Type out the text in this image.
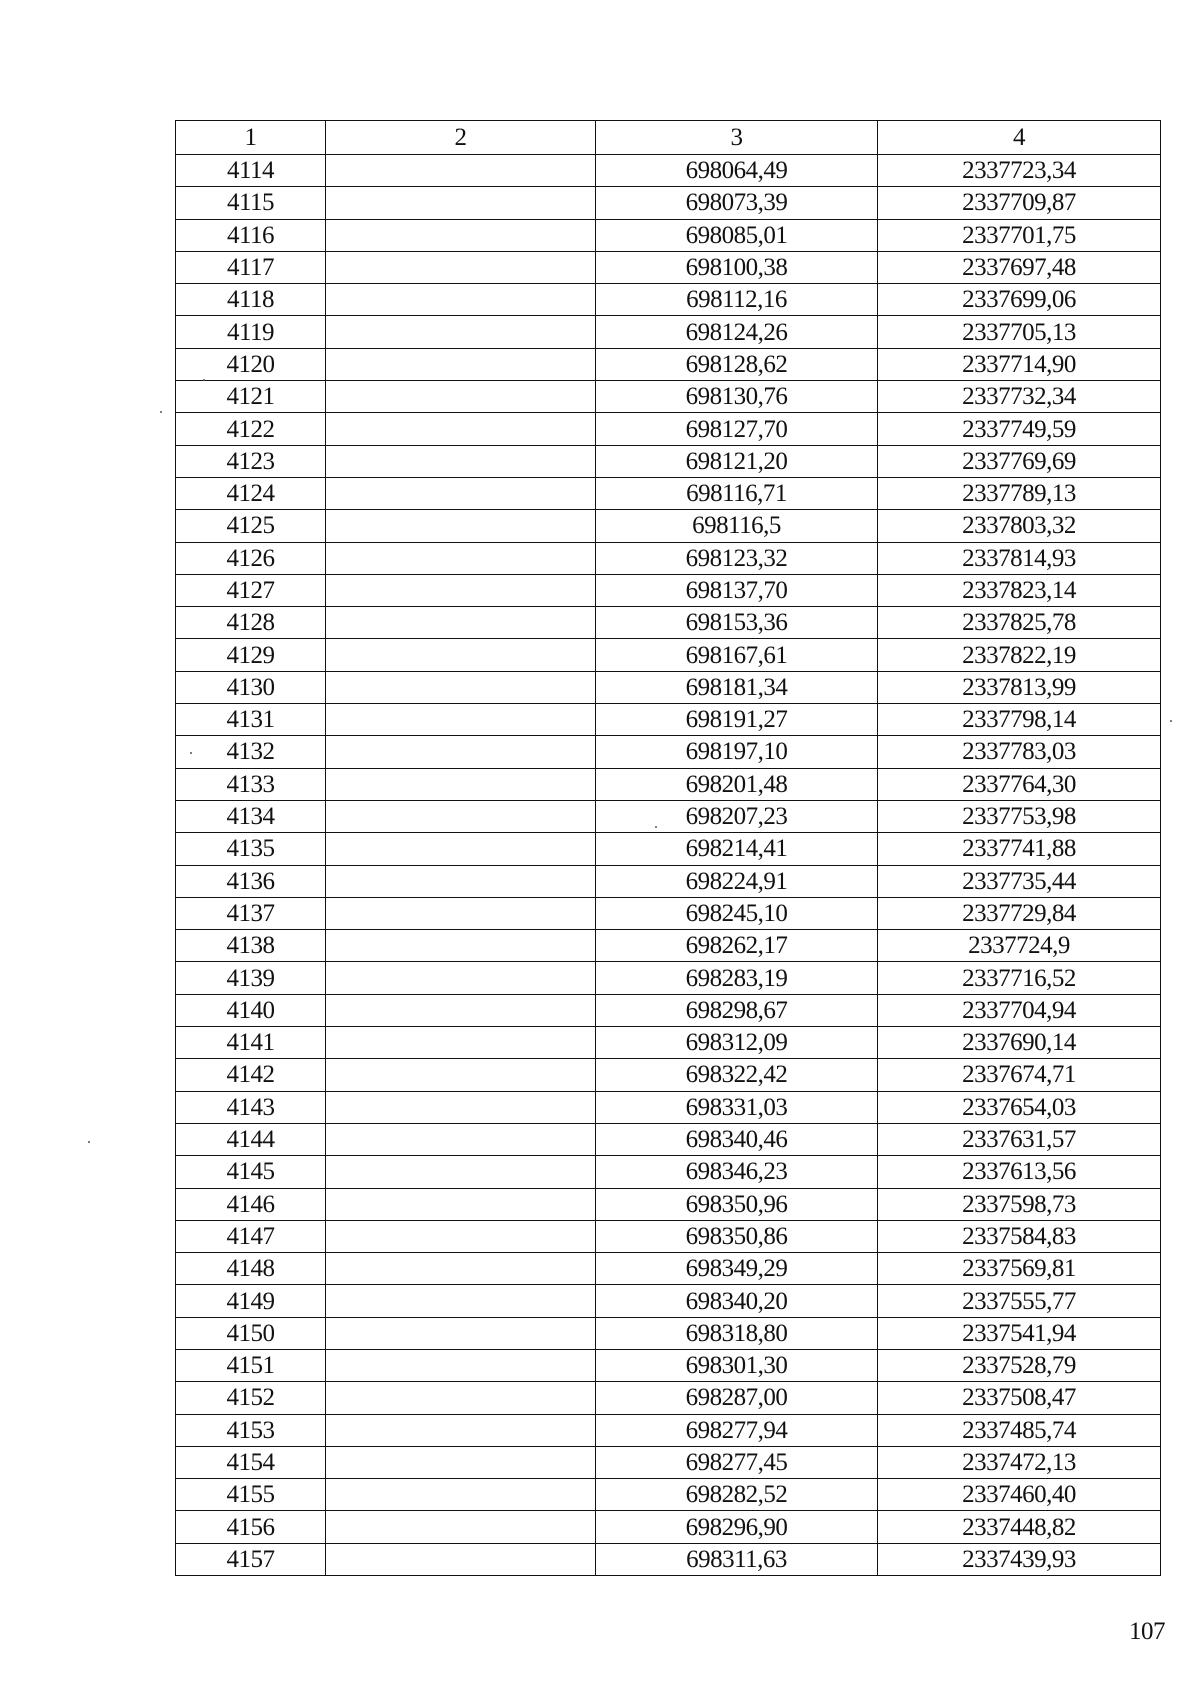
1	2	3	4
4114		698064,49	2337723,34
4115		698073,39	2337709,87
4116		698085,01	2337701,75
4117		698100,38	2337697,48
4118		698112,16	2337699,06
4119		698124,26	2337705,13
4120		698128,62	2337714,90
4121		698130,76	2337732,34
4122		698127,70	2337749,59
4123		698121,20	2337769,69
4124		698116,71	2337789,13
4125		698116,5	2337803,32
4126		698123,32	2337814,93
4127		698137,70	2337823,14
4128		698153,36	2337825,78
4129		698167,61	2337822,19
4130		698181,34	2337813,99
4131		698191,27	2337798,14
4132		698197,10	2337783,03
4133		698201,48	2337764,30
4134		698207,23	2337753,98
4135		698214,41	2337741,88
4136		698224,91	2337735,44
4137		698245,10	2337729,84
4138		698262,17	2337724,9
4139		698283,19	2337716,52
4140		698298,67	2337704,94
4141		698312,09	2337690,14
4142		698322,42	2337674,71
4143		698331,03	2337654,03
4144		698340,46	2337631,57
4145		698346,23	2337613,56
4146		698350,96	2337598,73
4147		698350,86	2337584,83
4148		698349,29	2337569,81
4149		698340,20	2337555,77
4150		698318,80	2337541,94
4151		698301,30	2337528,79
4152		698287,00	2337508,47
4153		698277,94	2337485,74
4154		698277,45	2337472,13
4155		698282,52	2337460,40
4156		698296,90	2337448,82
4157		698311,63	2337439,93
107
